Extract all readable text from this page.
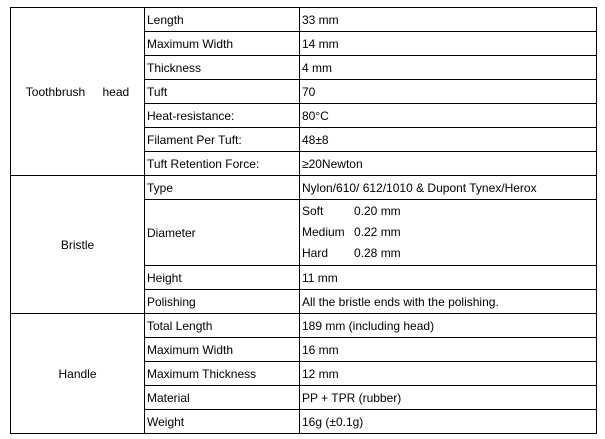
Toothbrush head	Length	33 mm
	Maximum Width	14 mm
	Thickness	4 mm
	Tuft	70
	Heat-resistance:	80°C
	Filament Per Tuft:	48±8
	Tuft Retention Force:	≥20Newton
Bristle	Type	Nylon/610/ 612/1010 & Dupont Tynex/Herox
	Diameter	Soft 0.20 mm
Medium 0.22 mm
Hard 0.28 mm

	Height	11 mm
	Polishing	All the bristle ends with the polishing.
Handle	Total Length	189 mm (including head)
	Maximum Width	16 mm
	Maximum Thickness	12 mm
	Material	PP + TPR (rubber)
	Weight	16g (±0.1g)
